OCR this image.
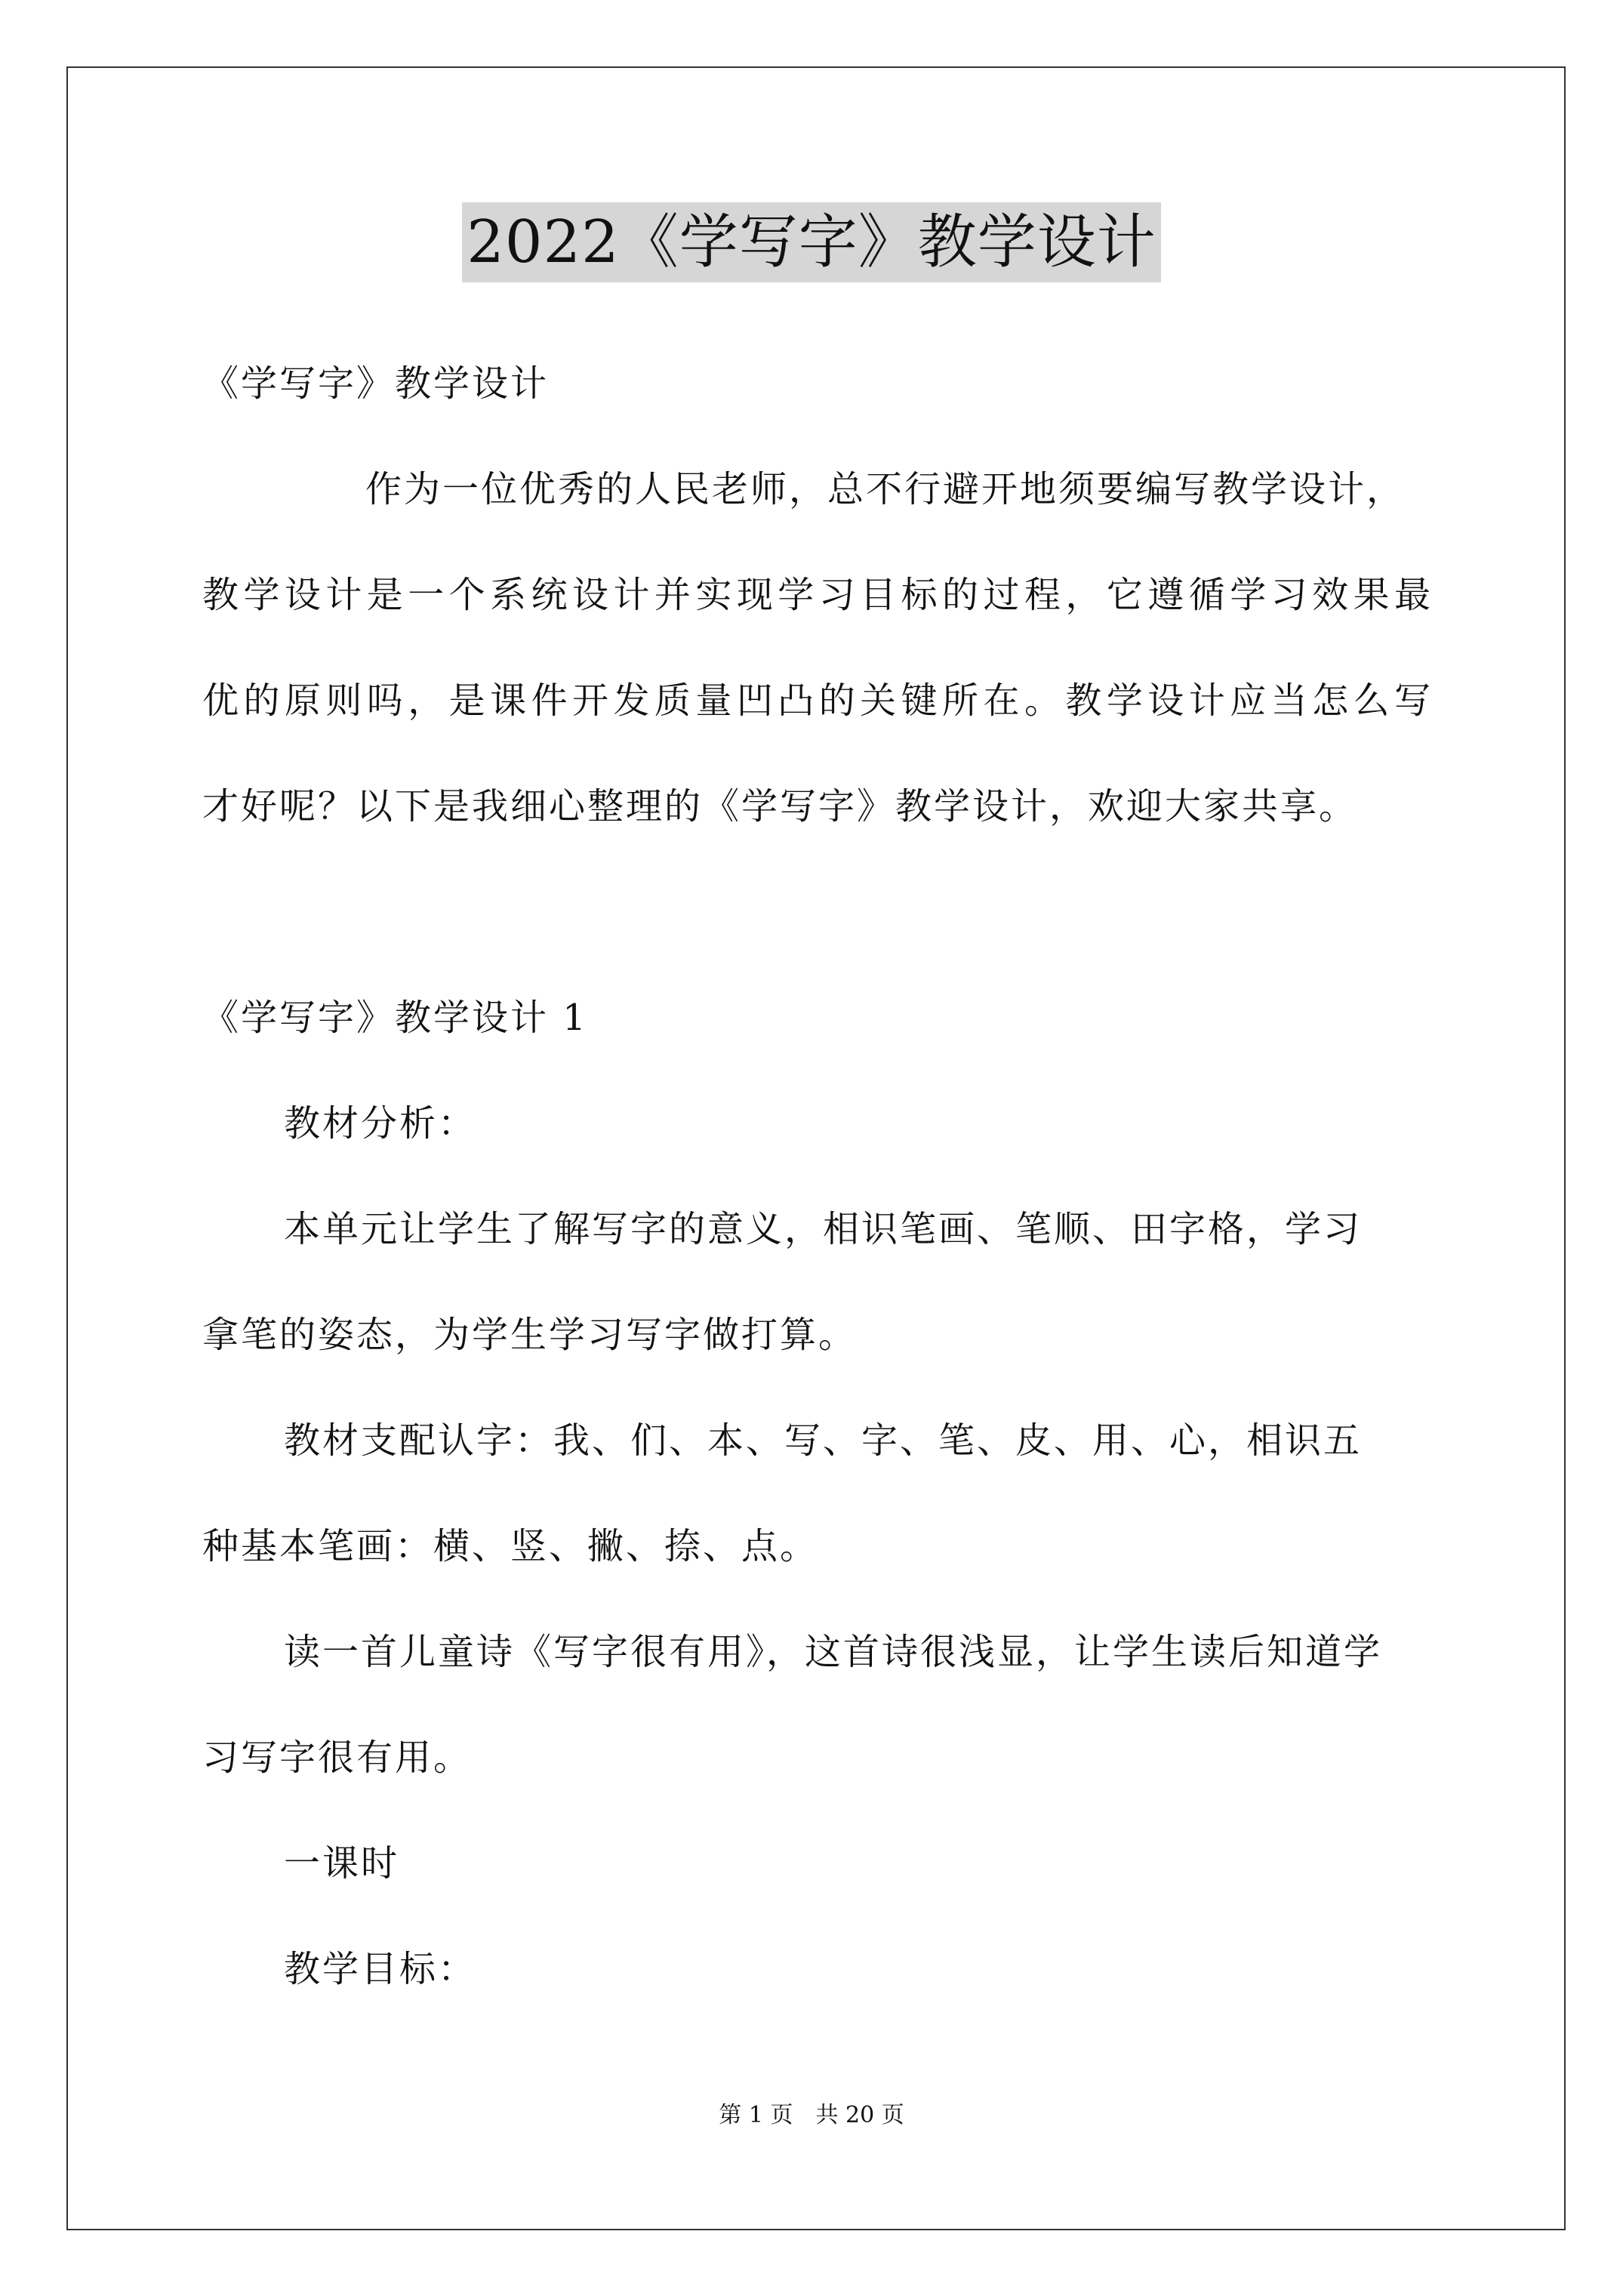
2022《学写字》教学设计
《学写字》教学设计
作为一位优秀的人民老师，总不行避开地须要编写教学设计，
教学设计是一个系统设计并实现学习目标的过程，它遵循学习效果最
优的原则吗，是课件开发质量凹凸的关键所在。教学设计应当怎么写
才好呢？以下是我细心整理的《学写字》教学设计，欢迎大家共享。
《学写字》教学设计 1
教材分析：
本单元让学生了解写字的意义，相识笔画、笔顺、田字格，学习
拿笔的姿态，为学生学习写字做打算。
教材支配认字：我、们、本、写、字、笔、皮、用、心，相识五
种基本笔画：横、竖、撇、捺、点。
读一首儿童诗《写字很有用》，这首诗很浅显，让学生读后知道学
习写字很有用。
一课时
教学目标：
第 1 页　共 20 页
